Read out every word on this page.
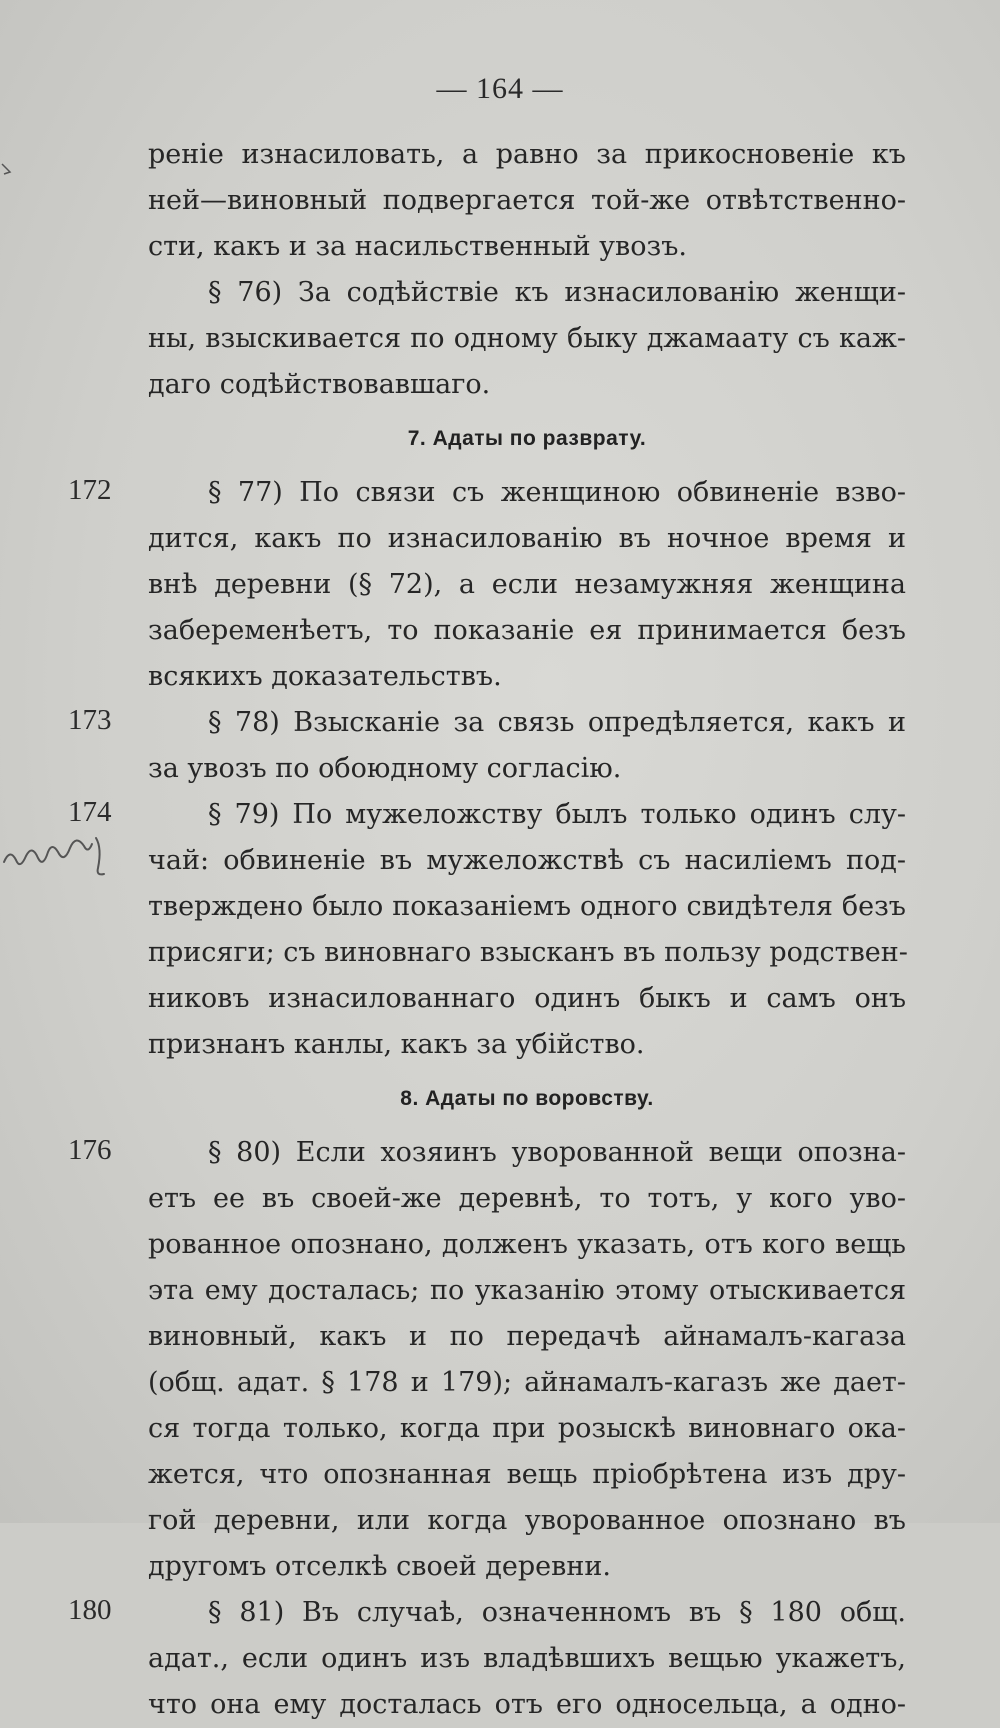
— 164 —
реніе изнасиловать, а равно за прикосновеніе къ
ней—виновный подвергается той-же отвѣтственно-
сти, какъ и за насильственный увозъ.
§ 76) За содѣйствіе къ изнасилованію женщи-
ны, взыскивается по одному быку джамаату съ каж-
даго содѣйствовавшаго.
7. Адаты по разврату.
§ 77) По связи съ женщиною обвиненіе взво-
дится, какъ по изнасилованію въ ночное время и
внѣ деревни (§ 72), а если незамужняя женщина
забеременѣетъ, то показаніе ея принимается безъ
всякихъ доказательствъ.
§ 78) Взысканіе за связь опредѣляется, какъ и
за увозъ по обоюдному согласію.
§ 79) По мужеложству былъ только одинъ слу-
чай: обвиненіе въ мужеложствѣ съ насиліемъ под-
тверждено было показаніемъ одного свидѣтеля безъ
присяги; съ виновнаго взысканъ въ пользу родствен-
никовъ изнасилованнаго одинъ быкъ и самъ онъ
признанъ канлы, какъ за убійство.
8. Адаты по воровству.
§ 80) Если хозяинъ уворованной вещи опозна-
етъ ее въ своей-же деревнѣ, то тотъ, у кого уво-
рованное опознано, долженъ указать, отъ кого вещь
эта ему досталась; по указанію этому отыскивается
виновный, какъ и по передачѣ айнамалъ-кагаза
(общ. адат. § 178 и 179); айнамалъ-кагазъ же дает-
ся тогда только, когда при розыскѣ виновнаго ока-
жется, что опознанная вещь пріобрѣтена изъ дру-
гой деревни, или когда уворованное опознано въ
другомъ отселкѣ своей деревни.
§ 81) Въ случаѣ, означенномъ въ § 180 общ.
адат., если одинъ изъ владѣвшихъ вещью укажетъ,
что она ему досталась отъ его односельца, а одно-
172
173
174
176
180
